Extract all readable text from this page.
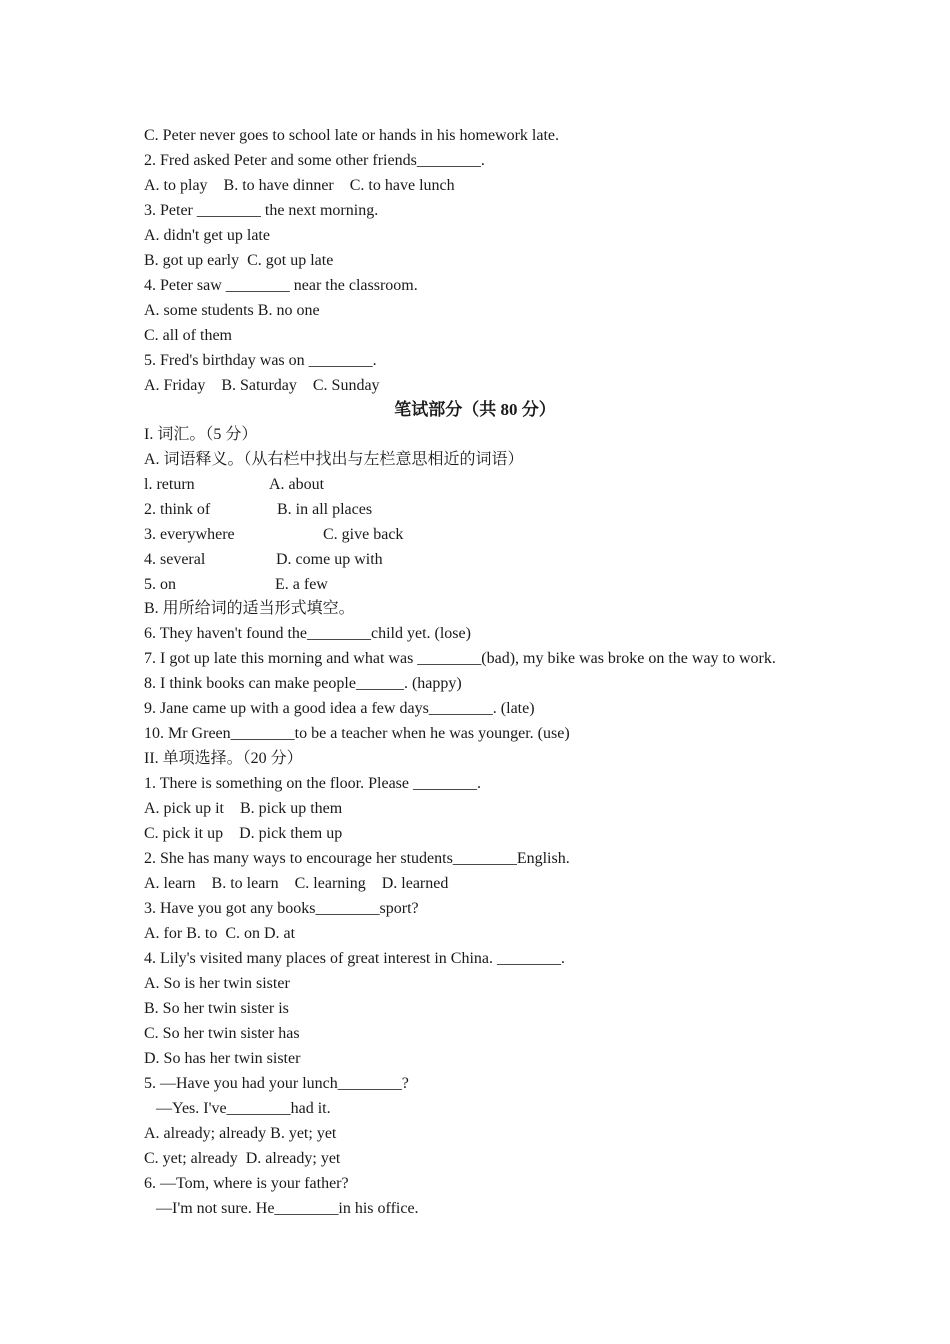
C. Peter never goes to school late or hands in his homework late.
2. Fred asked Peter and some other friends________.
A. to play    B. to have dinner    C. to have lunch
3. Peter ________ the next morning.
A. didn't get up late
B. got up early  C. got up late
4. Peter saw ________ near the classroom.
A. some students B. no one
C. all of them
5. Fred's birthday was on ________.
A. Friday    B. Saturday    C. Sunday
笔试部分（共 80 分）
I. 词汇。（5 分）
A. 词语释义。（从右栏中找出与左栏意思相近的词语）
l. return	A. about
2. think of	B. in all places
3. everywhere	C. give back
4. several	D. come up with
5. on	E. a few
B. 用所给词的适当形式填空。
6. They haven't found the________child yet. (lose)
7. I got up late this morning and what was ________(bad), my bike was broke on the way to work.
8. I think books can make people______. (happy)
9. Jane came up with a good idea a few days________. (late)
10. Mr Green________to be a teacher when he was younger. (use)
II. 单项选择。（20 分）
1. There is something on the floor. Please ________.
A. pick up it    B. pick up them
C. pick it up    D. pick them up
2. She has many ways to encourage her students________English.
A. learn    B. to learn    C. learning    D. learned
3. Have you got any books________sport?
A. for B. to  C. on D. at
4. Lily's visited many places of great interest in China. ________.
A. So is her twin sister
B. So her twin sister is
C. So her twin sister has
D. So has her twin sister
5. —Have you had your lunch________?
—Yes. I've________had it.
A. already; already B. yet; yet
C. yet; already  D. already; yet
6. —Tom, where is your father?
—I'm not sure. He________in his office.
